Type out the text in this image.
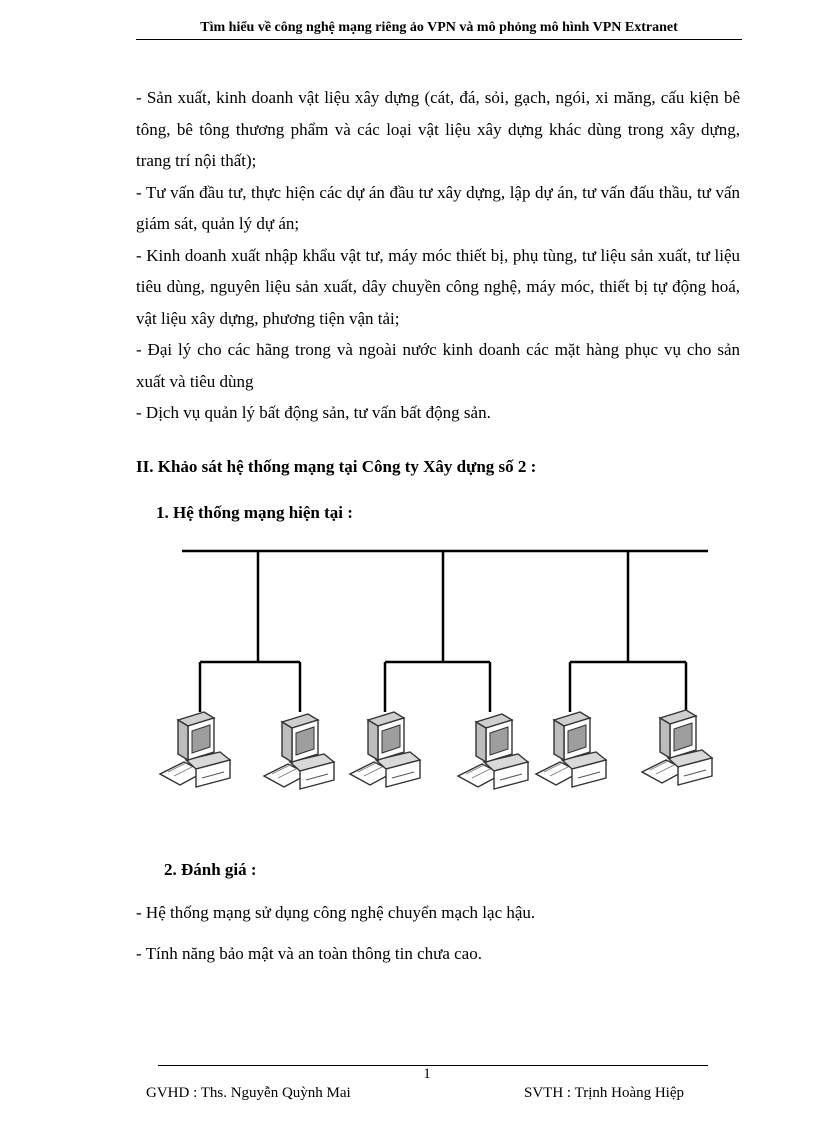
Tìm hiểu về công nghệ mạng riêng ảo VPN và mô phỏng mô hình VPN Extranet

- Sản xuất, kinh doanh vật liệu xây dựng (cát, đá, sỏi, gạch, ngói, xi măng, cấu kiện bê tông, bê tông thương phẩm và các loại vật liệu xây dựng khác dùng trong xây dựng, trang trí nội thất);

- Tư vấn đầu tư, thực hiện các dự án đầu tư xây dựng, lập dự án, tư vấn đấu thầu, tư vấn giám sát, quản lý dự án;

- Kinh doanh xuất nhập khẩu vật tư, máy móc thiết bị, phụ tùng, tư liệu sản xuất, tư liệu tiêu dùng, nguyên liệu sản xuất, dây chuyền công nghệ, máy móc, thiết bị tự động hoá, vật liệu xây dựng, phương tiện vận tải;

- Đại lý cho các hãng trong và ngoài nước kinh doanh các mặt hàng phục vụ cho sản xuất và tiêu dùng

- Dịch vụ quản lý bất động sản, tư vấn bất động sản.

II. Khảo sát hệ thống mạng tại Công ty Xây dựng số 2 :

1. Hệ thống mạng hiện tại :

2. Đánh giá :

- Hệ thống mạng sử dụng công nghệ chuyển mạch lạc hậu.

- Tính năng bảo mật và an toàn thông tin chưa cao.

1
GVHD : Ths. Nguyễn Quỳnh Mai	SVTH : Trịnh Hoàng Hiệp
